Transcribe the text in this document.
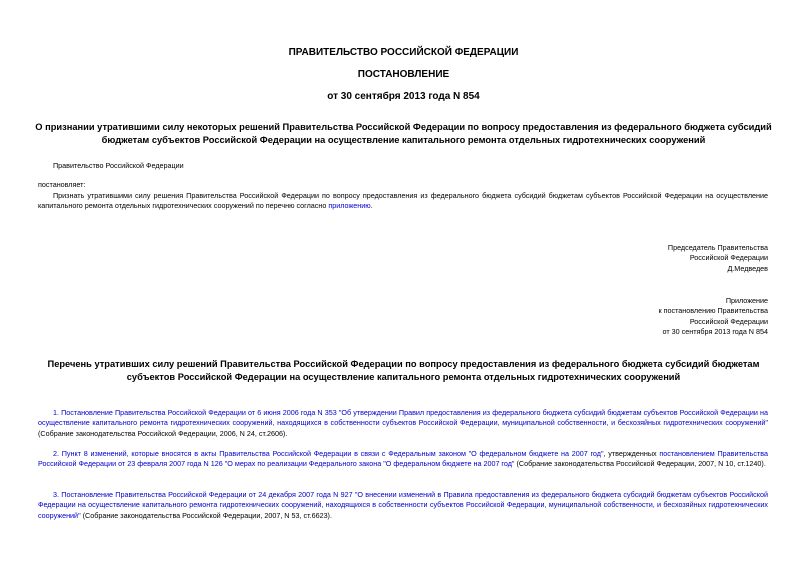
ПРАВИТЕЛЬСТВО РОССИЙСКОЙ ФЕДЕРАЦИИ
ПОСТАНОВЛЕНИЕ
от 30 сентября 2013 года N 854
О признании утратившими силу некоторых решений Правительства Российской Федерации по вопросу предоставления из федерального бюджета субсидий
бюджетам субъектов Российской Федерации на осуществление капитального ремонта отдельных гидротехнических сооружений
Правительство Российской Федерации
постановляет:

Признать утратившими силу решения Правительства Российской Федерации по вопросу предоставления из федерального бюджета субсидий бюджетам субъектов Российской Федерации на осуществление капитального ремонта отдельных гидротехнических сооружений по перечню согласно приложению.

Председатель Правительства
Российской Федерации
Д.Медведев
Приложение
к постановлению Правительства
Российской Федерации
от 30 сентября 2013 года N 854
Перечень утративших силу решений Правительства Российской Федерации по вопросу предоставления из федерального бюджета субсидий бюджетам
субъектов Российской Федерации на осуществление капитального ремонта отдельных гидротехнических сооружений

1. Постановление Правительства Российской Федерации от 6 июня 2006 года N 353 "Об утверждении Правил предоставления из федерального бюджета субсидий бюджетам субъектов Российской Федерации на осуществление капитального ремонта гидротехнических сооружений, находящихся в собственности субъектов Российской Федерации, муниципальной собственности, и бесхозяйных гидротехнических сооружений" (Собрание законодательства Российской Федерации, 2006, N 24, ст.2606).

2. Пункт 8 изменений, которые вносятся в акты Правительства Российской Федерации в связи с Федеральным законом "О федеральном бюджете на 2007 год", утвержденных постановлением Правительства Российской Федерации от 23 февраля 2007 года N 126 "О мерах по реализации Федерального закона "О федеральном бюджете на 2007 год" (Собрание законодательства Российской Федерации, 2007, N 10, ст.1240).

3. Постановление Правительства Российской Федерации от 24 декабря 2007 года N 927 "О внесении изменений в Правила предоставления из федерального бюджета субсидий бюджетам субъектов Российской Федерации на осуществление капитального ремонта гидротехнических сооружений, находящихся в собственности субъектов Российской Федерации, муниципальной собственности, и бесхозяйных гидротехнических сооружений" (Собрание законодательства Российской Федерации, 2007, N 53, ст.6623).
